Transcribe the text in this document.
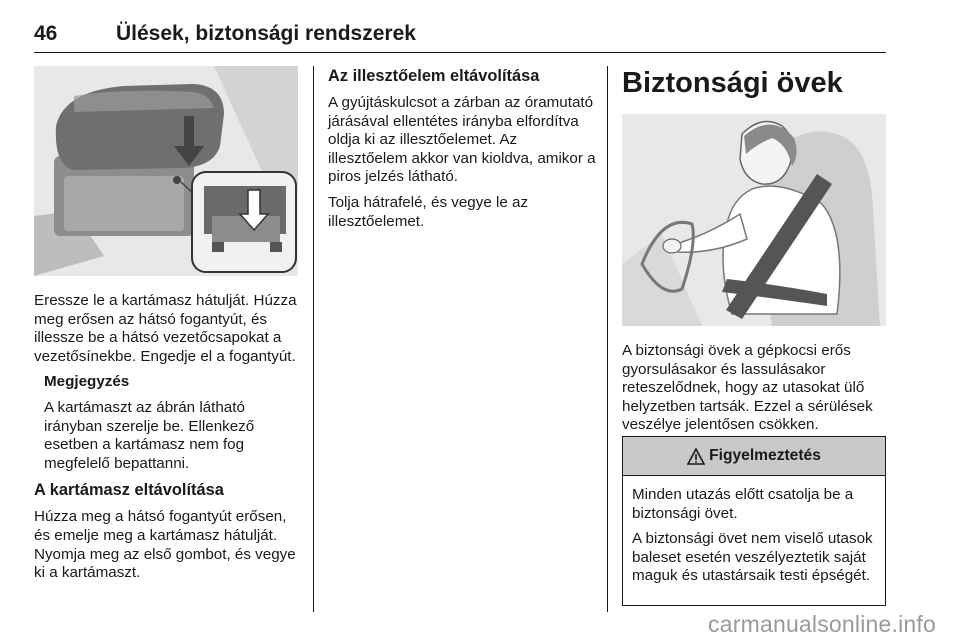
46	Ülések, biztonsági rendszerek

Eressze le a kartámasz hátulját. Húzza meg erősen az hátsó fogantyút, és illessze be a hátsó vezetőcsapokat a vezetősínekbe. Engedje el a fogantyút.

Megjegyzés

A kartámaszt az ábrán látható irányban szerelje be. Ellenkező esetben a kartámasz nem fog megfelelő bepattanni.

A kartámasz eltávolítása

Húzza meg a hátsó fogantyút erősen, és emelje meg a kartámasz hátulját. Nyomja meg az első gombot, és vegye ki a kartámaszt.

Az illesztőelem eltávolítása

A gyújtáskulcsot a zárban az óramutató járásával ellentétes irányba elfordítva oldja ki az illesztőelemet. Az illesztőelem akkor van kioldva, amikor a piros jelzés látható.

Tolja hátrafelé, és vegye le az illesztőelemet.

Biztonsági övek

A biztonsági övek a gépkocsi erős gyorsulásakor és lassulásakor reteszelődnek, hogy az utasokat ülő helyzetben tartsák. Ezzel a sérülések veszélye jelentősen csökken.
Figyelmeztetés

Minden utazás előtt csatolja be a biztonsági övet.

A biztonsági övet nem viselő utasok baleset esetén veszélyeztetik saját maguk és utastársaik testi épségét.

carmanualsonline.info
